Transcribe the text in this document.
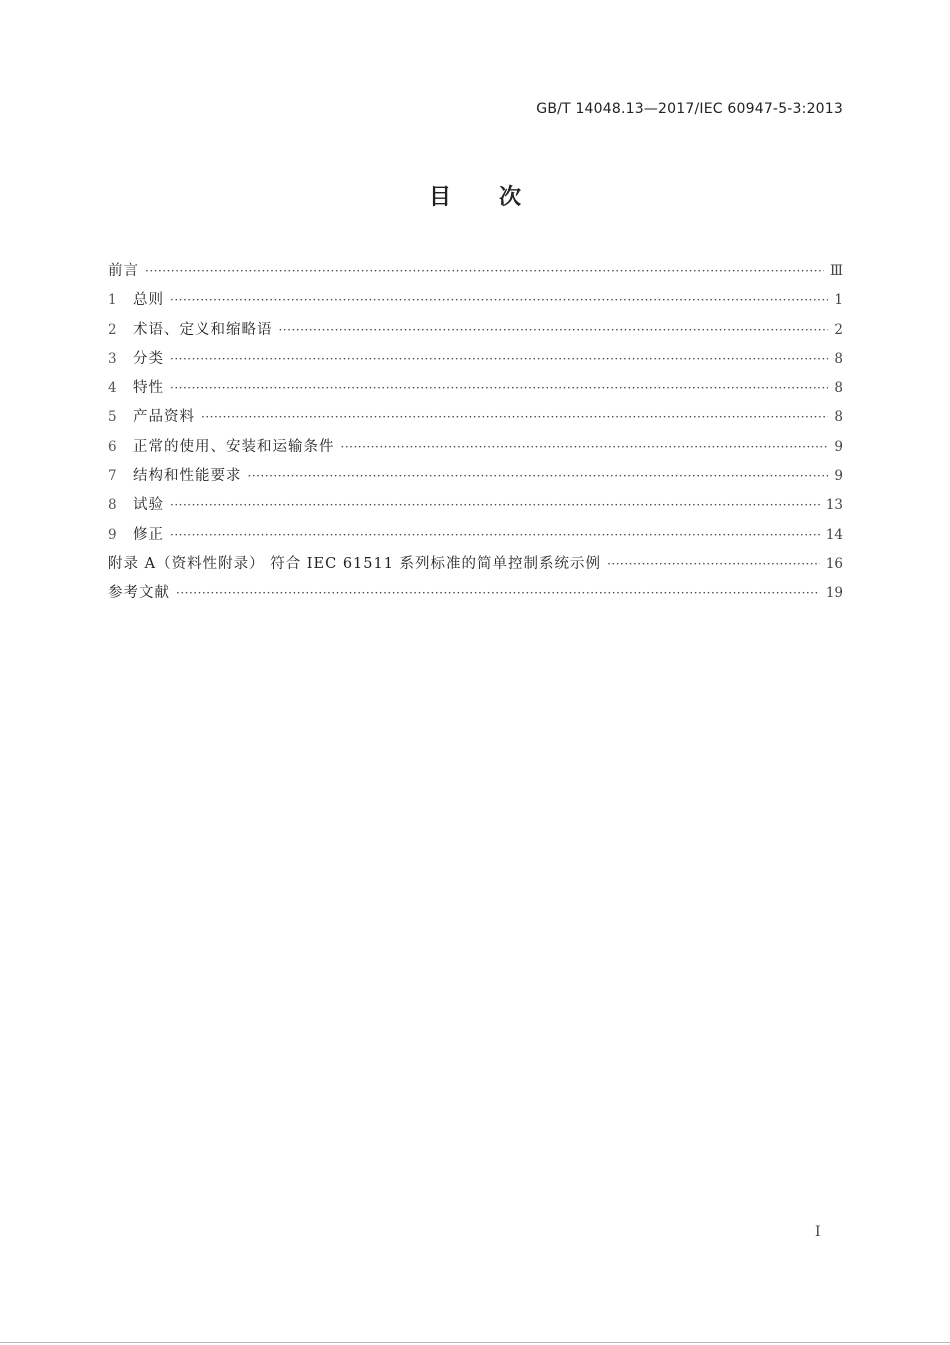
GB/T 14048.13—2017/IEC 60947-5-3:2013
目 次
前言 ·····	Ⅲ
1	总则 ·····	1
2	术语、定义和缩略语 ·····	2
3	分类 ·····	8
4	特性 ·····	8
5	产品资料 ·····	8
6	正常的使用、安装和运输条件 ·····	9
7	结构和性能要求 ·····	9
8	试验 ·····	13
9	修正 ·····	14
附录 A（资料性附录） 符合 IEC 61511 系列标准的简单控制系统示例 ·····	16
参考文献 ·····	19
I
